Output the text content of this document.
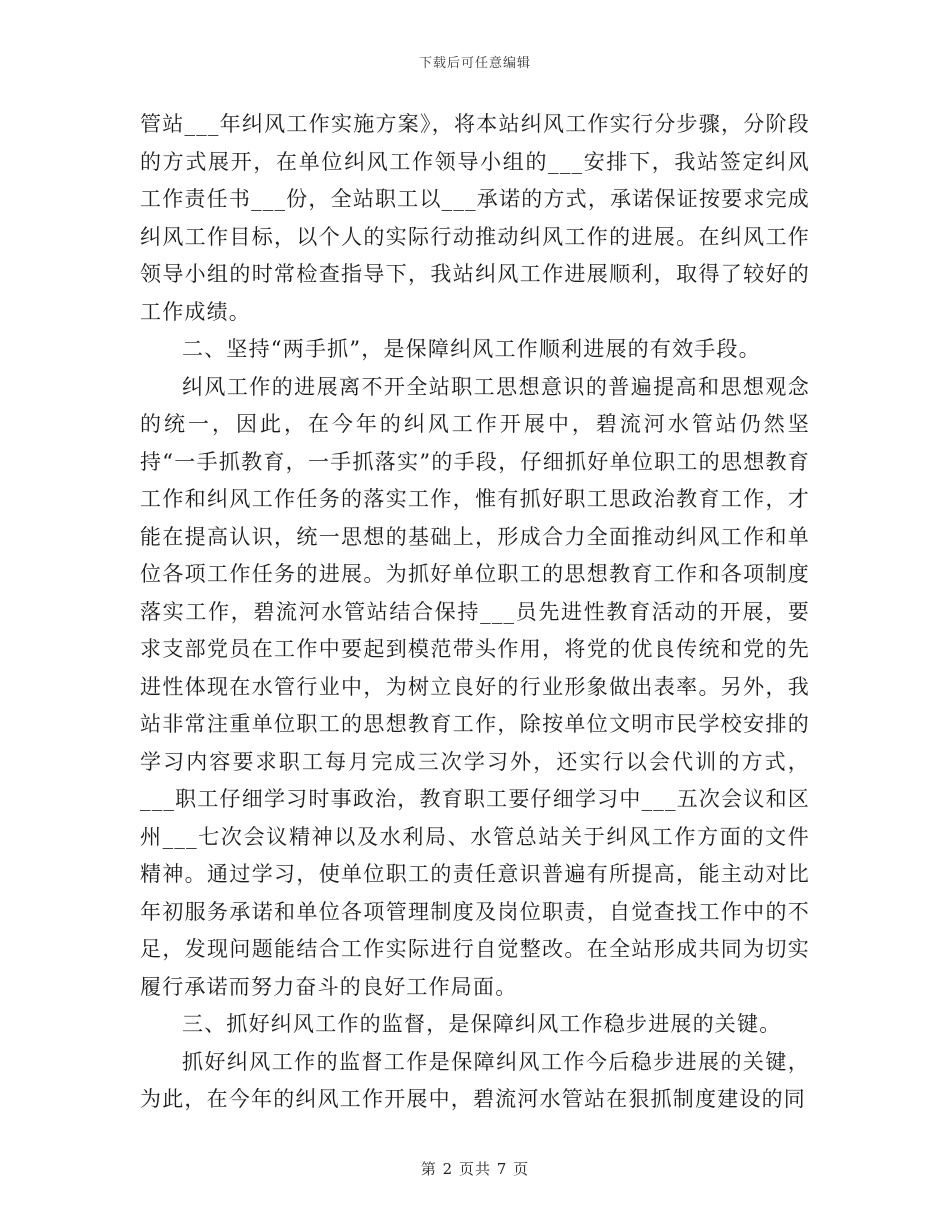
下载后可任意编辑

管站___年纠风工作实施方案》，将本站纠风工作实行分步骤，分阶段的方式展开，在单位纠风工作领导小组的___安排下，我站签定纠风工作责任书___份，全站职工以___承诺的方式，承诺保证按要求完成纠风工作目标，以个人的实际行动推动纠风工作的进展。在纠风工作领导小组的时常检查指导下，我站纠风工作进展顺利，取得了较好的工作成绩。

二、坚持“两手抓”，是保障纠风工作顺利进展的有效手段。

纠风工作的进展离不开全站职工思想意识的普遍提高和思想观念的统一，因此，在今年的纠风工作开展中，碧流河水管站仍然坚持“一手抓教育，一手抓落实”的手段，仔细抓好单位职工的思想教育工作和纠风工作任务的落实工作，惟有抓好职工思政治教育工作，才能在提高认识，统一思想的基础上，形成合力全面推动纠风工作和单位各项工作任务的进展。为抓好单位职工的思想教育工作和各项制度落实工作，碧流河水管站结合保持___员先进性教育活动的开展，要求支部党员在工作中要起到模范带头作用，将党的优良传统和党的先进性体现在水管行业中，为树立良好的行业形象做出表率。另外，我站非常注重单位职工的思想教育工作，除按单位文明市民学校安排的学习内容要求职工每月完成三次学习外，还实行以会代训的方式，___职工仔细学习时事政治，教育职工要仔细学习中___五次会议和区州___七次会议精神以及水利局、水管总站关于纠风工作方面的文件精神。通过学习，使单位职工的责任意识普遍有所提高，能主动对比年初服务承诺和单位各项管理制度及岗位职责，自觉查找工作中的不足，发现问题能结合工作实际进行自觉整改。在全站形成共同为切实履行承诺而努力奋斗的良好工作局面。

三、抓好纠风工作的监督，是保障纠风工作稳步进展的关键。

抓好纠风工作的监督工作是保障纠风工作今后稳步进展的关键，为此，在今年的纠风工作开展中，碧流河水管站在狠抓制度建设的同

第 2 页共 7 页
